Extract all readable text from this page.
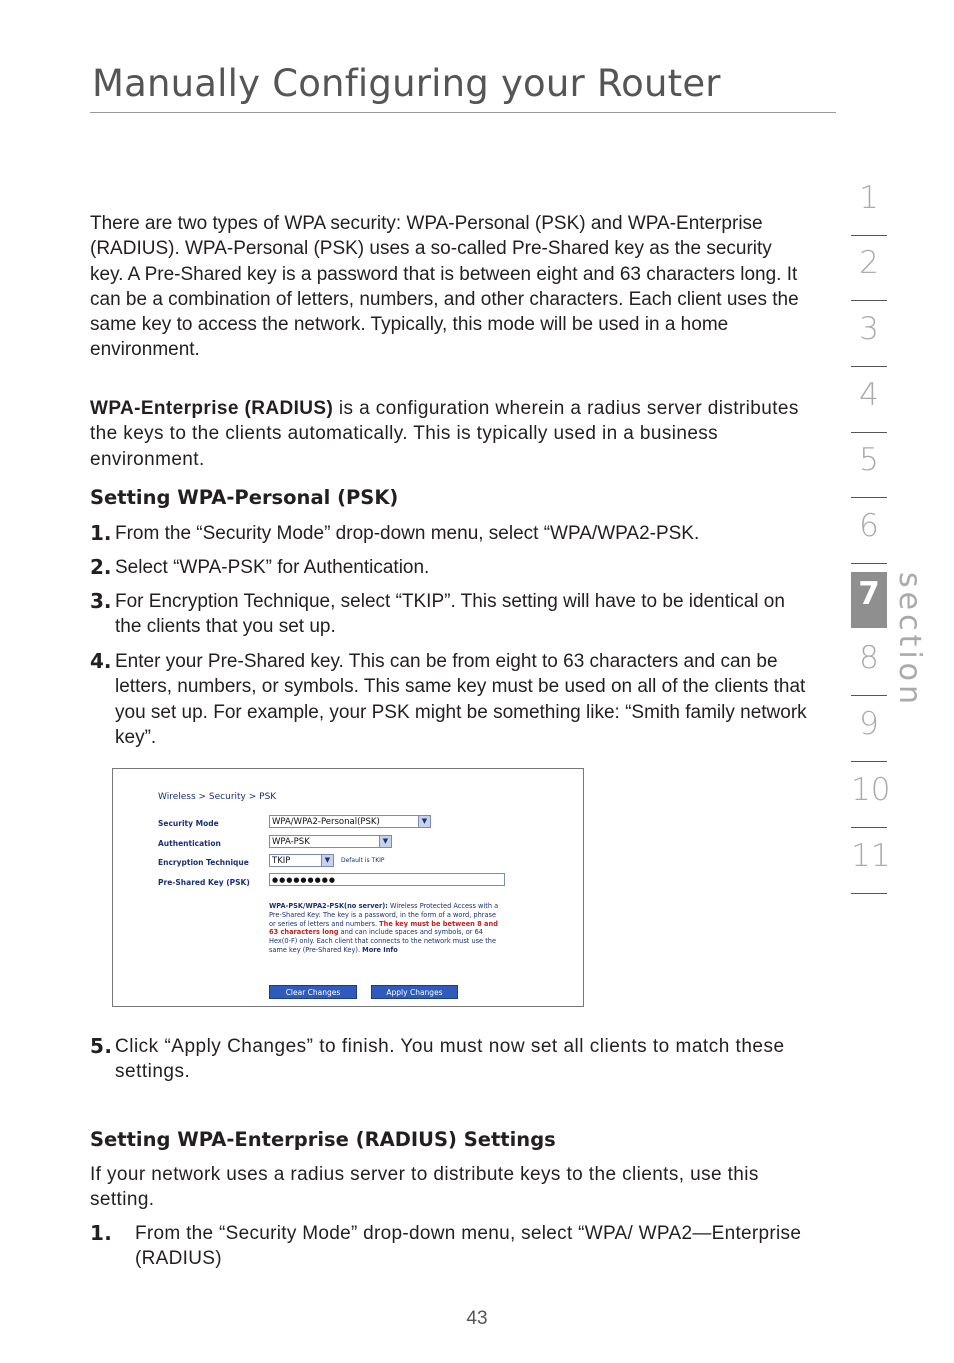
Manually Configuring your Router

There are two types of WPA security: WPA-Personal (PSK) and WPA-Enterprise (RADIUS). WPA-Personal (PSK) uses a so-called Pre-Shared key as the security key. A Pre-Shared key is a password that is between eight and 63 characters long. It can be a combination of letters, numbers, and other characters. Each client uses the same key to access the network. Typically, this mode will be used in a home environment.

WPA-Enterprise (RADIUS) is a configuration wherein a radius server distributes the keys to the clients automatically. This is typically used in a business environment.

Setting WPA-Personal (PSK)
1. From the “Security Mode” drop-down menu, select “WPA/WPA2-PSK.
2. Select “WPA-PSK” for Authentication.
3. For Encryption Technique, select “TKIP”. This setting will have to be identical on the clients that you set up.
4. Enter your Pre-Shared key. This can be from eight to 63 characters and can be letters, numbers, or symbols. This same key must be used on all of the clients that you set up. For example, your PSK might be something like: “Smith family network key”.
Wireless > Security > PSK
Security Mode	WPA/WPA2-Personal(PSK)	▼
Authentication	WPA-PSK	▼
Encryption Technique	TKIP	▼	Default is TKIP
Pre-Shared Key (PSK)	●●●●●●●●●
WPA-PSK/WPA2-PSK(no server): Wireless Protected Access with a Pre-Shared Key: The key is a password, in the form of a word, phrase or series of letters and numbers. The key must be between 8 and 63 characters long and can include spaces and symbols, or 64 Hex(0-F) only. Each client that connects to the network must use the same key (Pre-Shared Key). More Info
Clear Changes	Apply Changes
5. Click “Apply Changes” to finish. You must now set all clients to match these settings.
Setting WPA-Enterprise (RADIUS) Settings

If your network uses a radius server to distribute keys to the clients, use this setting.

1. From the “Security Mode” drop-down menu, select “WPA/ WPA2—Enterprise (RADIUS)
1
2
3
4
5
6
7
8
9
10
11
section
43
